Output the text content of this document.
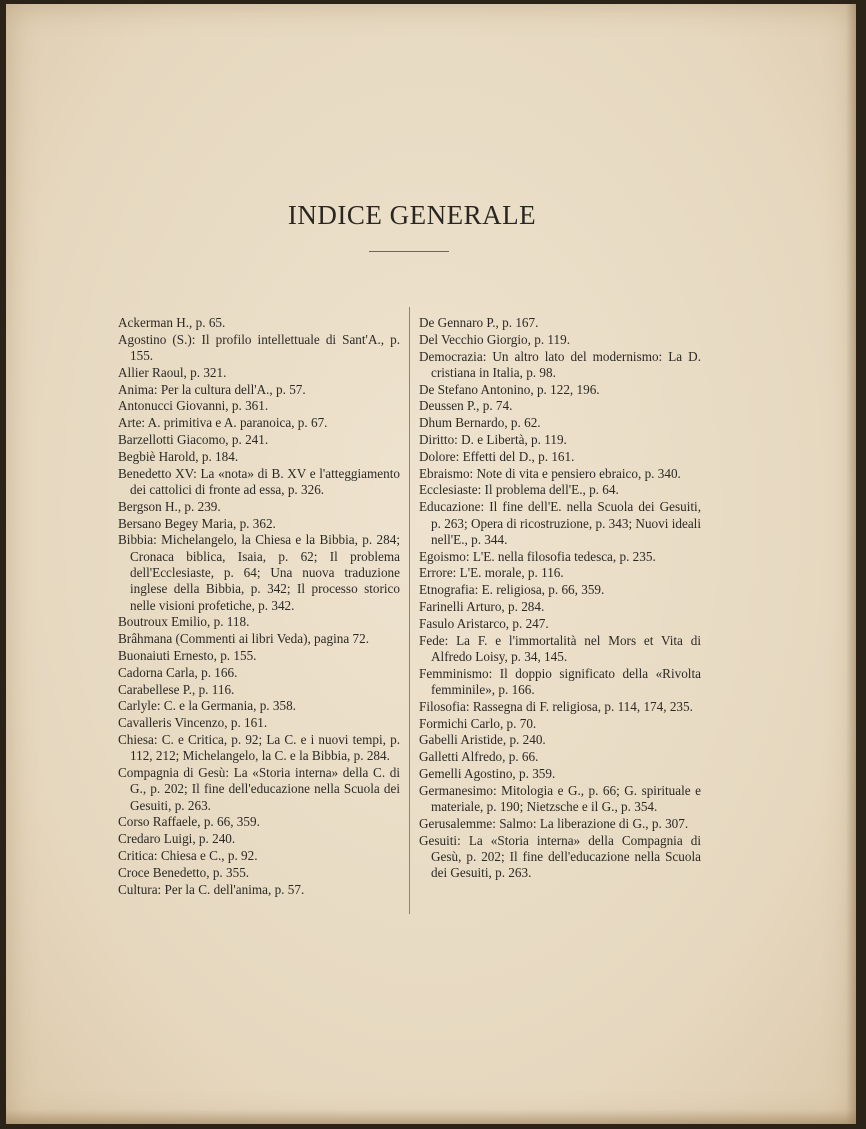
INDICE GENERALE
Ackerman H., p. 65.
Agostino (S.): Il profilo intellettuale di Sant'A., p. 155.
Allier Raoul, p. 321.
Anima: Per la cultura dell'A., p. 57.
Antonucci Giovanni, p. 361.
Arte: A. primitiva e A. paranoica, p. 67.
Barzellotti Giacomo, p. 241.
Begbiè Harold, p. 184.
Benedetto XV: La «nota» di B. XV e l'atteggiamento dei cattolici di fronte ad essa, p. 326.
Bergson H., p. 239.
Bersano Begey Maria, p. 362.
Bibbia: Michelangelo, la Chiesa e la Bibbia, p. 284; Cronaca biblica, Isaia, p. 62; Il problema dell'Ecclesiaste, p. 64; Una nuova traduzione inglese della Bibbia, p. 342; Il processo storico nelle visioni profetiche, p. 342.
Boutroux Emilio, p. 118.
Brâhmana (Commenti ai libri Veda), pagina 72.
Buonaiuti Ernesto, p. 155.
Cadorna Carla, p. 166.
Carabellese P., p. 116.
Carlyle: C. e la Germania, p. 358.
Cavalleris Vincenzo, p. 161.
Chiesa: C. e Critica, p. 92; La C. e i nuovi tempi, p. 112, 212; Michelangelo, la C. e la Bibbia, p. 284.
Compagnia di Gesù: La «Storia interna» della C. di G., p. 202; Il fine dell'educazione nella Scuola dei Gesuiti, p. 263.
Corso Raffaele, p. 66, 359.
Credaro Luigi, p. 240.
Critica: Chiesa e C., p. 92.
Croce Benedetto, p. 355.
Cultura: Per la C. dell'anima, p. 57.
De Gennaro P., p. 167.
Del Vecchio Giorgio, p. 119.
Democrazia: Un altro lato del modernismo: La D. cristiana in Italia, p. 98.
De Stefano Antonino, p. 122, 196.
Deussen P., p. 74.
Dhum Bernardo, p. 62.
Diritto: D. e Libertà, p. 119.
Dolore: Effetti del D., p. 161.
Ebraismo: Note di vita e pensiero ebraico, p. 340.
Ecclesiaste: Il problema dell'E., p. 64.
Educazione: Il fine dell'E. nella Scuola dei Gesuiti, p. 263; Opera di ricostruzione, p. 343; Nuovi ideali nell'E., p. 344.
Egoismo: L'E. nella filosofia tedesca, p. 235.
Errore: L'E. morale, p. 116.
Etnografia: E. religiosa, p. 66, 359.
Farinelli Arturo, p. 284.
Fasulo Aristarco, p. 247.
Fede: La F. e l'immortalità nel Mors et Vita di Alfredo Loisy, p. 34, 145.
Femminismo: Il doppio significato della «Rivolta femminile», p. 166.
Filosofia: Rassegna di F. religiosa, p. 114, 174, 235.
Formichi Carlo, p. 70.
Gabelli Aristide, p. 240.
Galletti Alfredo, p. 66.
Gemelli Agostino, p. 359.
Germanesimo: Mitologia e G., p. 66; G. spirituale e materiale, p. 190; Nietzsche e il G., p. 354.
Gerusalemme: Salmo: La liberazione di G., p. 307.
Gesuiti: La «Storia interna» della Compagnia di Gesù, p. 202; Il fine dell'educazione nella Scuola dei Gesuiti, p. 263.
